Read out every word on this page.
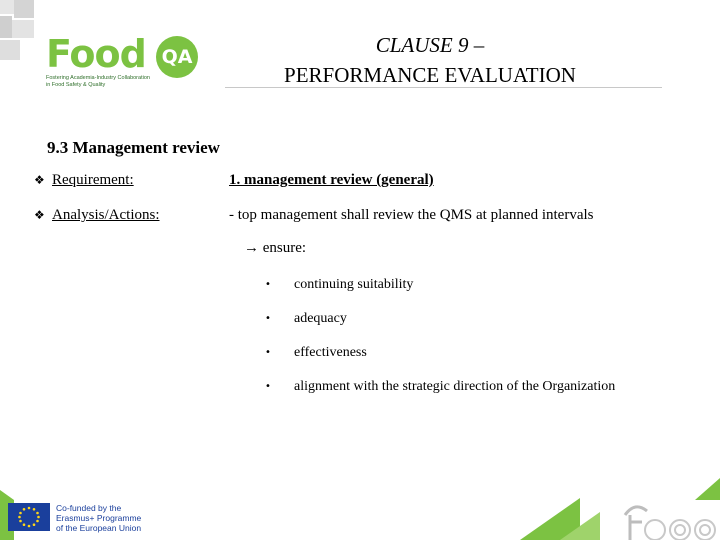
Food QA
Fostering Academia-Industry Collaboration
in Food Safety & Quality
CLAUSE 9 –
PERFORMANCE EVALUATION
9.3 Management review
❖ Requirement:	1. management review (general)
❖ Analysis/Actions:	- top management shall review the QMS at planned intervals
→ ensure:
• continuing suitability
• adequacy
• effectiveness
• alignment with the strategic direction of the Organization
Co-funded by the
Erasmus+ Programme
of the European Union
